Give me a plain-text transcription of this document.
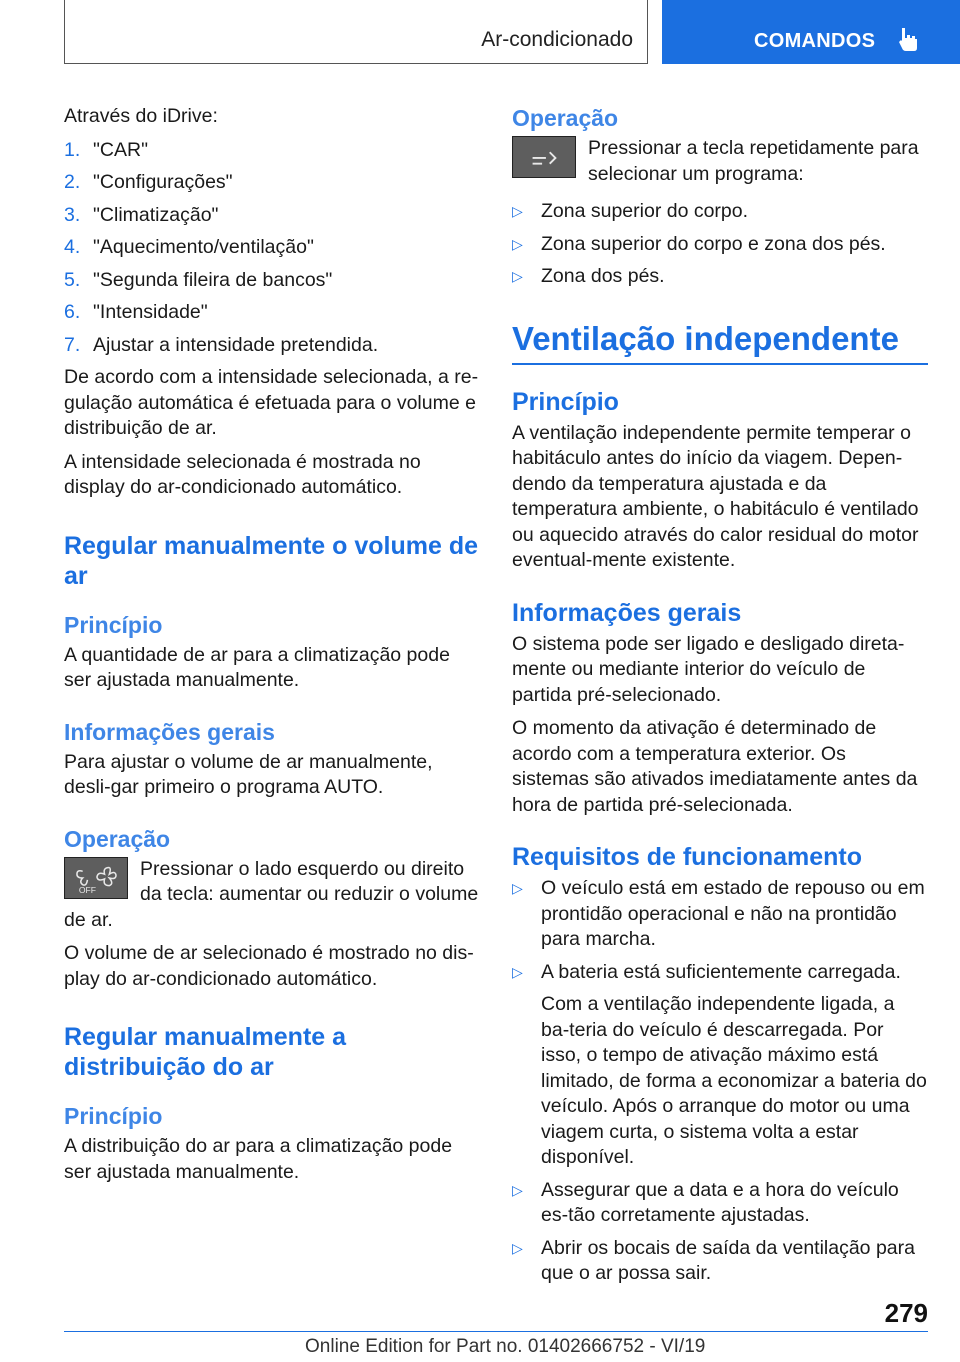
Ar-condicionado	COMANDOS

Através do iDrive:

1. "CAR"
2. "Configurações"
3. "Climatização"
4. "Aquecimento/ventilação"
5. "Segunda fileira de bancos"
6. "Intensidade"
7. Ajustar a intensidade pretendida.

De acordo com a intensidade selecionada, a re‐gulação automática é efetuada para o volume e distribuição de ar.

A intensidade selecionada é mostrada no display do ar-condicionado automático.

Regular manualmente o volume de ar
Princípio

A quantidade de ar para a climatização pode ser ajustada manualmente.

Informações gerais

Para ajustar o volume de ar manualmente, desli‐gar primeiro o programa AUTO.

Operação
OFF

Pressionar o lado esquerdo ou direito da tecla: aumentar ou reduzir o volume de ar.

O volume de ar selecionado é mostrado no dis‐play do ar-condicionado automático.

Regular manualmente a distribuição do ar
Princípio

A distribuição do ar para a climatização pode ser ajustada manualmente.

Operação

Pressionar a tecla repetidamente para selecionar um programa:

▷ Zona superior do corpo.
▷ Zona superior do corpo e zona dos pés.
▷ Zona dos pés.
Ventilação independente
Princípio

A ventilação independente permite temperar o habitáculo antes do início da viagem. Depen‐dendo da temperatura ajustada e da temperatura ambiente, o habitáculo é ventilado ou aquecido através do calor residual do motor eventual‐mente existente.

Informações gerais

O sistema pode ser ligado e desligado direta‐mente ou mediante interior do veículo de partida pré-selecionado.

O momento da ativação é determinado de acordo com a temperatura exterior. Os sistemas são ativados imediatamente antes da hora de partida pré-selecionada.

Requisitos de funcionamento
▷ O veículo está em estado de repouso ou em prontidão operacional e não na prontidão para marcha.
▷ A bateria está suficientemente carregada.
Com a ventilação independente ligada, a ba‐teria do veículo é descarregada. Por isso, o tempo de ativação máximo está limitado, de forma a economizar a bateria do veículo. Após o arranque do motor ou uma viagem curta, o sistema volta a estar disponível.
▷ Assegurar que a data e a hora do veículo es‐tão corretamente ajustadas.
▷ Abrir os bocais de saída da ventilação para que o ar possa sair.
279
Online Edition for Part no. 01402666752 - VI/19
